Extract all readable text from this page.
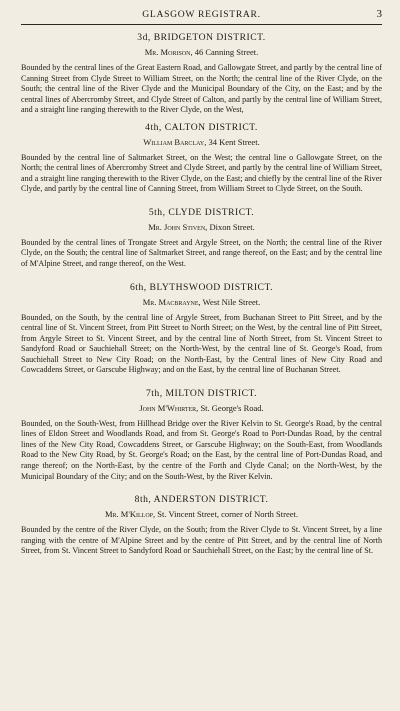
GLASGOW REGISTRAR.	3
3d, BRIDGETON DISTRICT.
Mr. Morison, 46 Canning Street.

Bounded by the central lines of the Great Eastern Road, and Gallowgate Street, and partly by the central line of Canning Street from Clyde Street to William Street, on the North; the central line of the River Clyde, on the South; the central line of the River Clyde and the Municipal Boundary of the City, on the East; and by the central lines of Abercromby Street, and Clyde Street of Calton, and partly by the central line of William Street, and a straight line ranging therewith to the River Clyde, on the West,

4th, CALTON DISTRICT.
William Barclay, 34 Kent Street.

Bounded by the central line of Saltmarket Street, on the West; the central line o Gallowgate Street, on the North; the central lines of Abercromby Street and Clyde Street, and partly by the central line of William Street, and a straight line ranging therewith to the River Clyde, on the East; and chiefly by the central line of the River Clyde, and partly by the central line of Canning Street, from William Street to Clyde Street, on the South.

5th, CLYDE DISTRICT.
Mr. John Stiven, Dixon Street.

Bounded by the central lines of Trongate Street and Argyle Street, on the North; the central line of the River Clyde, on the South; the central line of Saltmarket Street, and range thereof, on the East; and by the central line of M'Alpine Street, and range thereof, on the West.

6th, BLYTHSWOOD DISTRICT.
Mr. Macbrayne, West Nile Street.

Bounded, on the South, by the central line of Argyle Street, from Buchanan Street to Pitt Street, and by the central line of St. Vincent Street, from Pitt Street to North Street; on the West, by the central line of Pitt Street, from Argyle Street to St. Vincent Street, and by the central line of North Street, from St. Vincent Street to Sandyford Road or Sauchiehall Street; on the North-West, by the central line of St. George's Road, from Sauchiehall Street to New City Road; on the North-East, by the Central lines of New City Road and Cowcaddens Street, or Garscube Highway; and on the East, by the central line of Buchanan Street.

7th, MILTON DISTRICT.
John M'Whirter, St. George's Road.

Bounded, on the South-West, from Hillhead Bridge over the River Kelvin to St. George's Road, by the central lines of Eldon Street and Woodlands Road, and from St. George's Road to Port-Dundas Road, by the central lines of the New City Road, Cowcaddens Street, or Garscube Highway; on the South-East, from Woodlands Road to the New City Road, by St. George's Road; on the East, by the central line of Port-Dundas Road, and range thereof; on the North-East, by the centre of the Forth and Clyde Canal; on the North-West, by the Municipal Boundary of the City; and on the South-West, by the River Kelvin.

8th, ANDERSTON DISTRICT.
Mr. M'Killop, St. Vincent Street, corner of North Street.

Bounded by the centre of the River Clyde, on the South; from the River Clyde to St. Vincent Street, by a line ranging with the centre of M'Alpine Street and by the centre of Pitt Street, and by the central line of North Street, from St. Vincent Street to Sandyford Road or Sauchiehall Street, on the East; by the central line of St.
